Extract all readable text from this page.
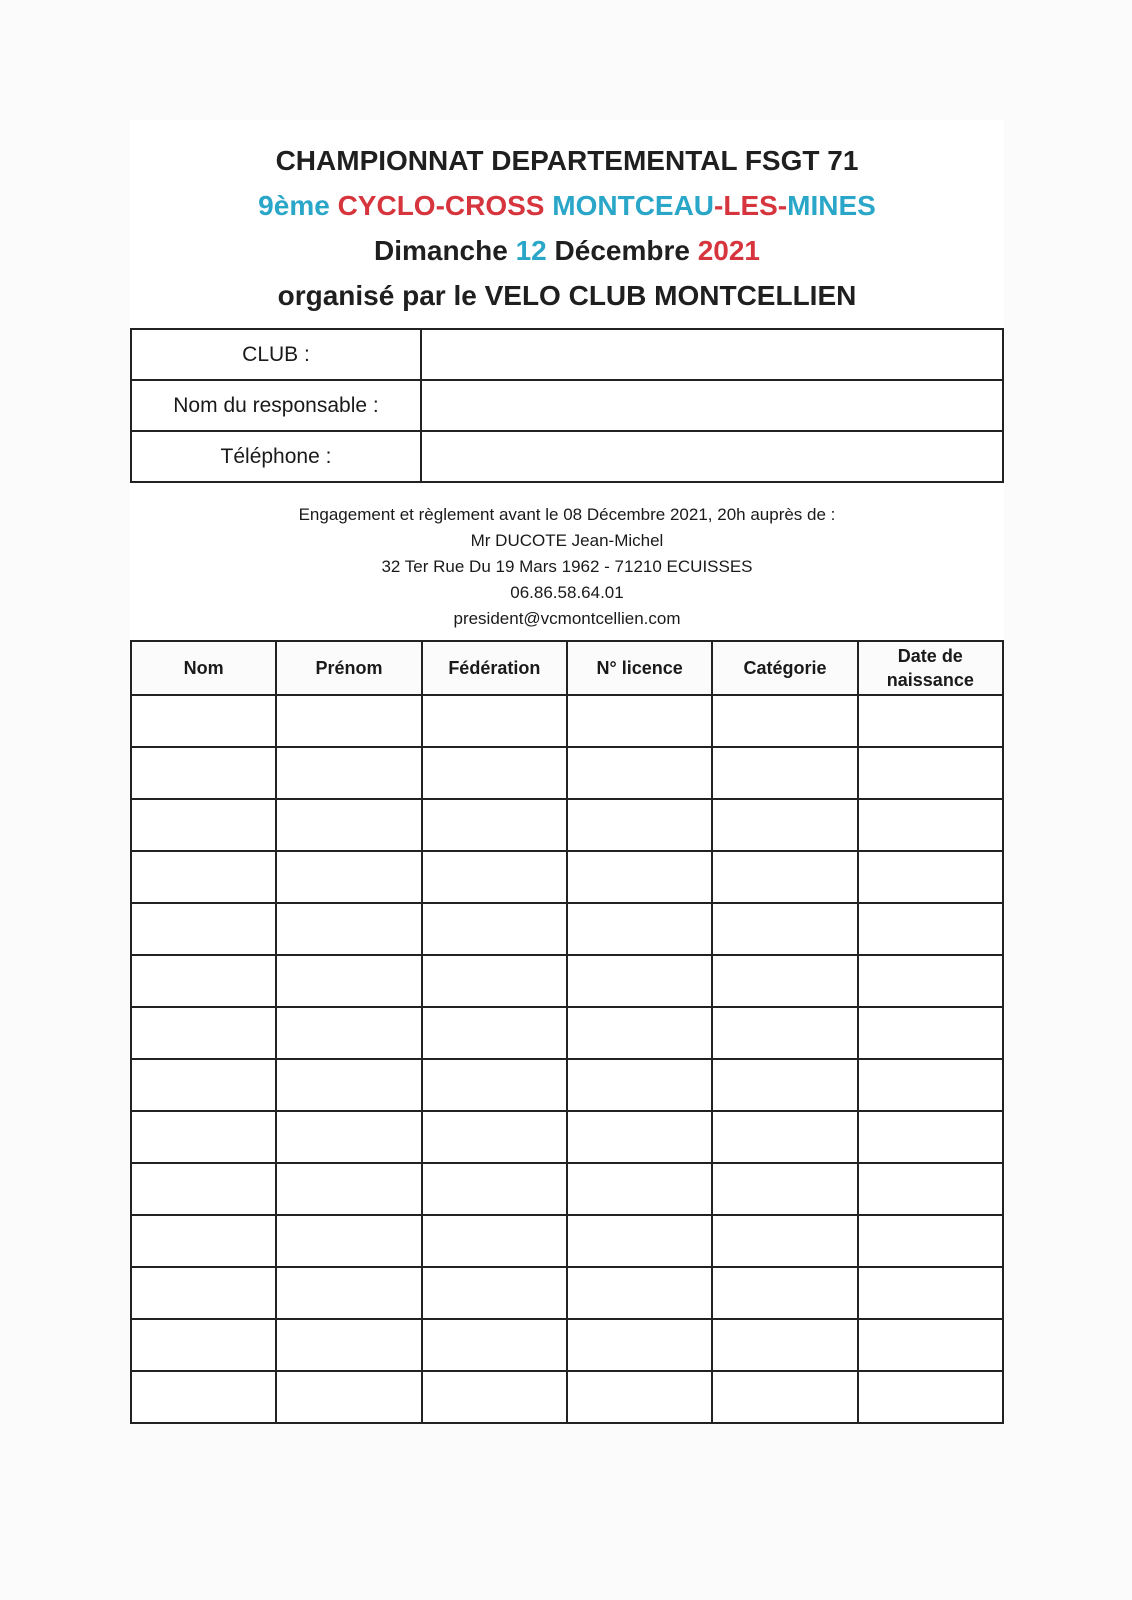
CHAMPIONNAT DEPARTEMENTAL FSGT 71
9ème CYCLO-CROSS MONTCEAU-LES-MINES
Dimanche 12 Décembre 2021
organisé par le VELO CLUB MONTCELLIEN
CLUB :	
Nom du responsable :	
Téléphone :	
Engagement et règlement avant le 08 Décembre 2021, 20h auprès de :
Mr DUCOTE Jean-Michel
32 Ter Rue Du 19 Mars 1962 - 71210 ECUISSES
06.86.58.64.01
president@vcmontcellien.com
Nom	Prénom	Fédération	N° licence	Catégorie	Date de naissance
